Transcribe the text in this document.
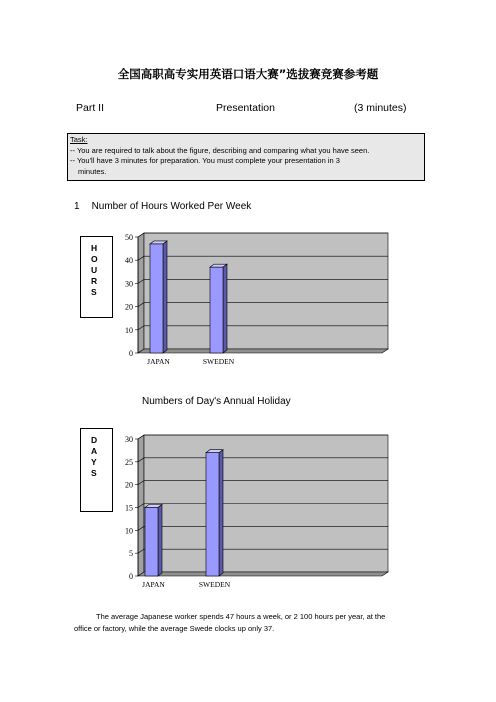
全国高职高专实用英语口语大赛”选拔赛竞赛参考题
Part II	Presentation	(3 minutes)
Task:
-- You are required to talk about the figure, describing and comparing what you have seen.
-- You'll have 3 minutes for preparation. You must complete your presentation in 3
minutes.
1 Number of Hours Worked Per Week
H
O
U
R
S
0
10
20
30
40
50
JAPAN	SWEDEN
Numbers of Day's Annual Holiday
D
A
Y
S
0
5
10
15
20
25
30
JAPAN	SWEDEN
The average Japanese worker spends 47 hours a week, or 2 100 hours per year, at the
office or factory, while the average Swede clocks up only 37.
